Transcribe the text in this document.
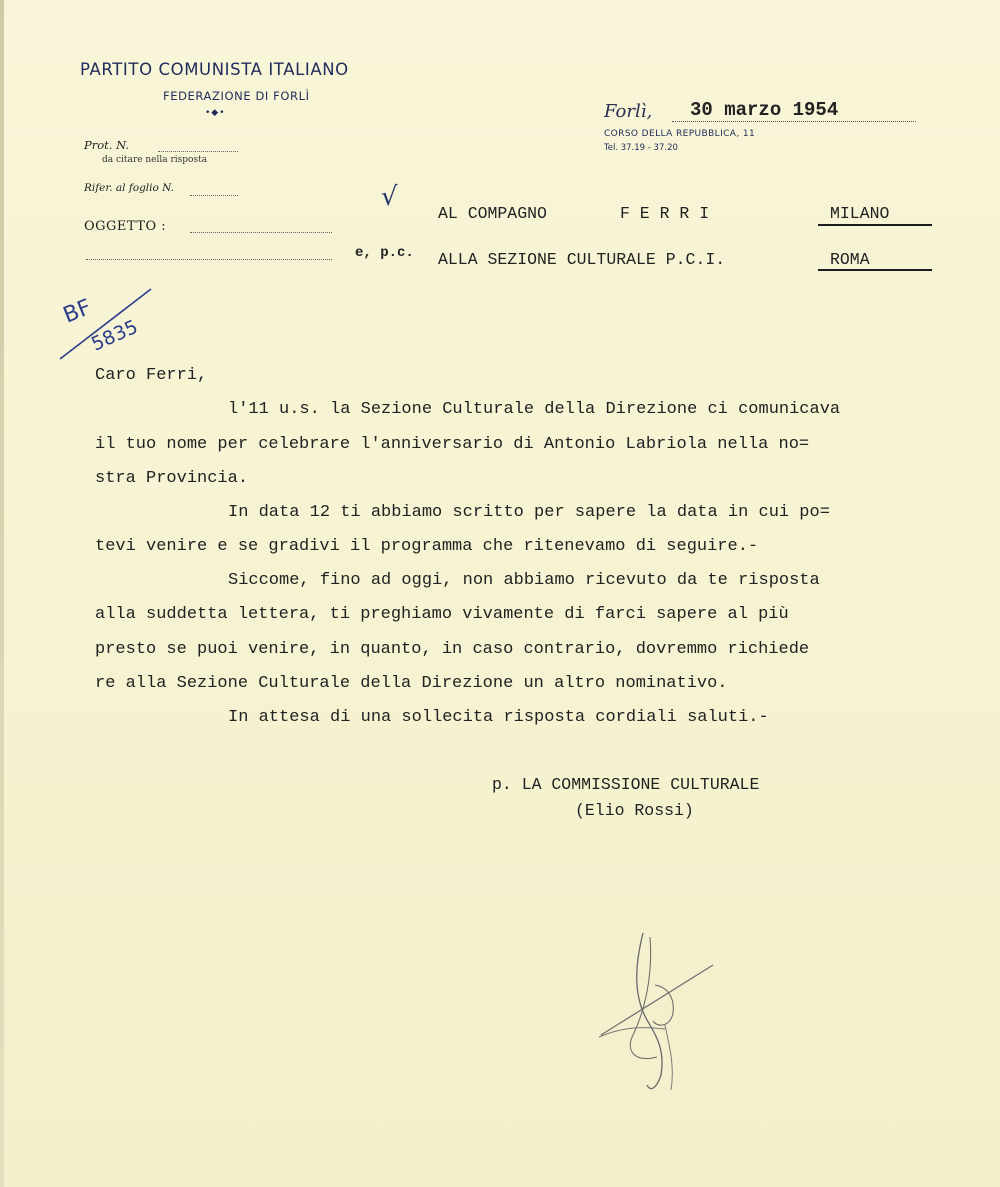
PARTITO COMUNISTA ITALIANO
FEDERAZIONE DI FORLÌ
•◆•	Forlì, 30 marzo 1954
CORSO DELLA REPUBBLICA, 11
Tel. 37.19 - 37.20
Prot. N.
da citare nella risposta
Rifer. al foglio N.
OGGETTO :
√
AL COMPAGNO	F E R R I	MILANO
e, p.c. ALLA SEZIONE CULTURALE P.C.I.	ROMA
BF
5835
Caro Ferri,
l'11 u.s. la Sezione Culturale della Direzione ci comunicava
il tuo nome per celebrare l'anniversario di Antonio Labriola nella no=
stra Provincia.
In data 12 ti abbiamo scritto per sapere la data in cui po=
tevi venire e se gradivi il programma che ritenevamo di seguire.-
Siccome, fino ad oggi, non abbiamo ricevuto da te risposta
alla suddetta lettera, ti preghiamo vivamente di farci sapere al più
presto se puoi venire, in quanto, in caso contrario, dovremmo richiede
re alla Sezione Culturale della Direzione un altro nominativo.
In attesa di una sollecita risposta cordiali saluti.-
p. LA COMMISSIONE CULTURALE
(Elio Rossi)
